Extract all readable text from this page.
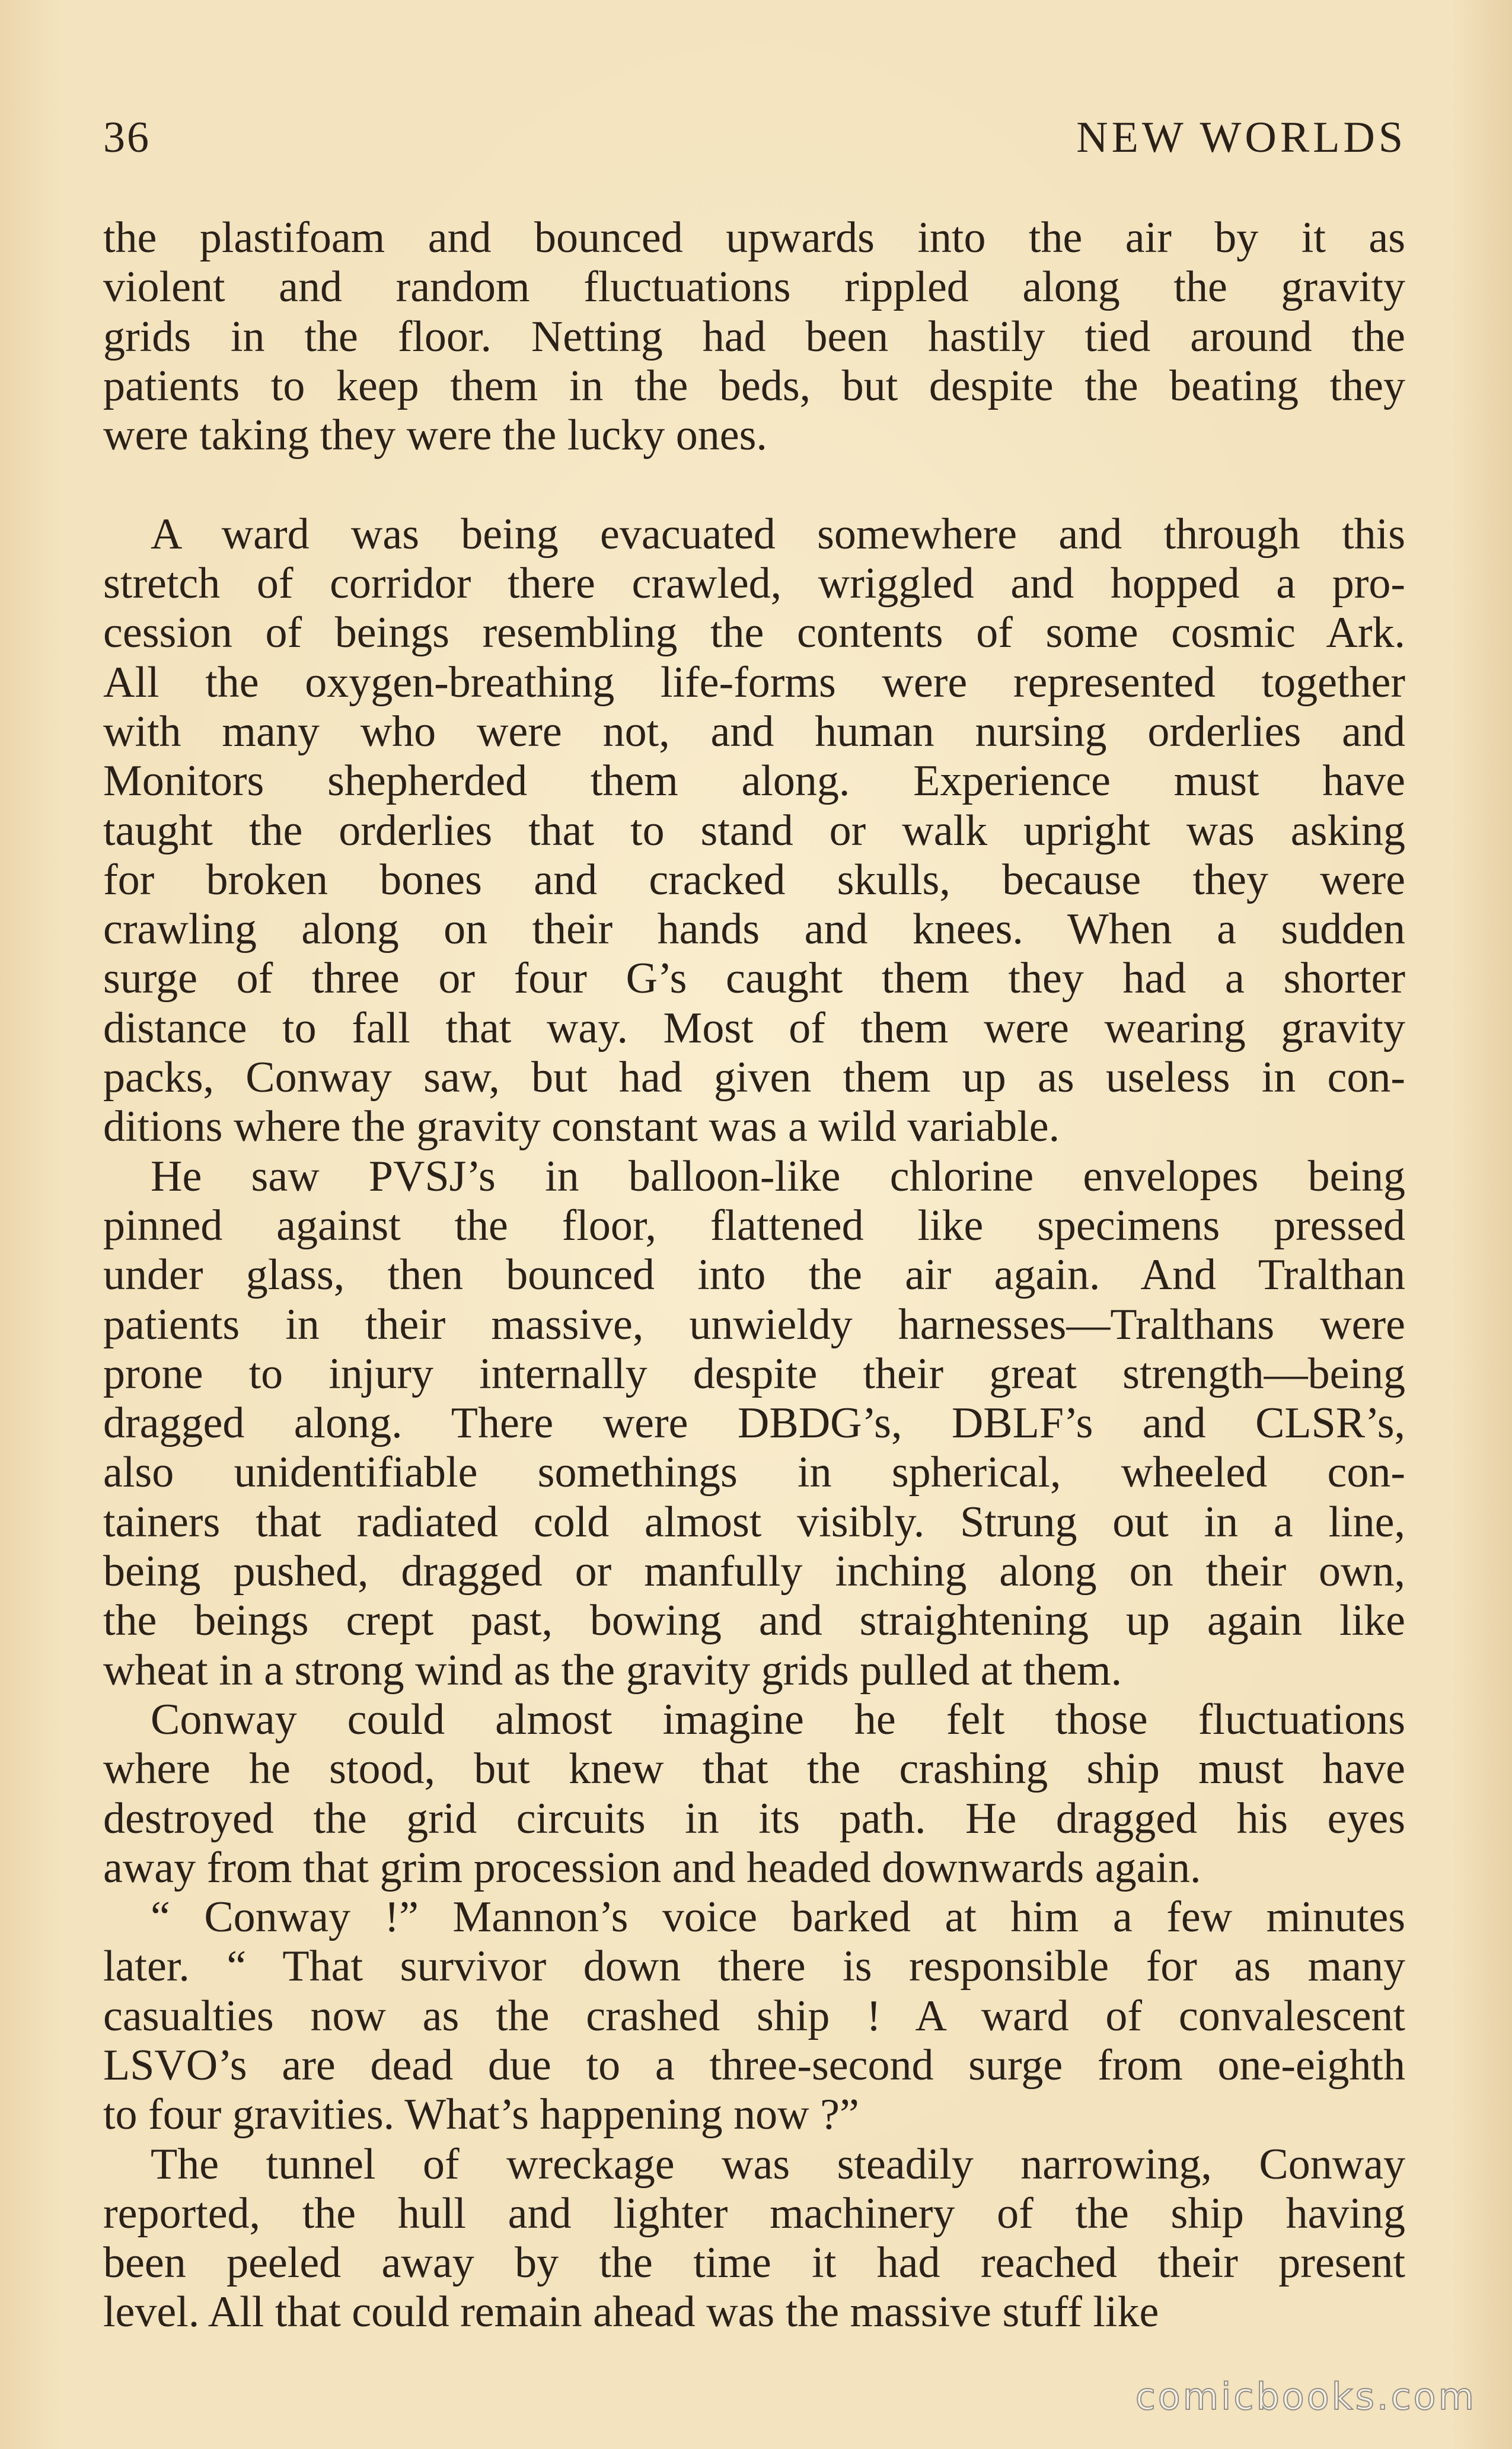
36	NEW WORLDS
the plastifoam and bounced upwards into the air by it as
violent and random fluctuations rippled along the gravity
grids in the floor. Netting had been hastily tied around the
patients to keep them in the beds, but despite the beating they
were taking they were the lucky ones.
A ward was being evacuated somewhere and through this
stretch of corridor there crawled, wriggled and hopped a pro-
cession of beings resembling the contents of some cosmic Ark.
All the oxygen-breathing life-forms were represented together
with many who were not, and human nursing orderlies and
Monitors shepherded them along. Experience must have
taught the orderlies that to stand or walk upright was asking
for broken bones and cracked skulls, because they were
crawling along on their hands and knees. When a sudden
surge of three or four G’s caught them they had a shorter
distance to fall that way. Most of them were wearing gravity
packs, Conway saw, but had given them up as useless in con-
ditions where the gravity constant was a wild variable.
He saw PVSJ’s in balloon-like chlorine envelopes being
pinned against the floor, flattened like specimens pressed
under glass, then bounced into the air again. And Tralthan
patients in their massive, unwieldy harnesses—Tralthans were
prone to injury internally despite their great strength—being
dragged along. There were DBDG’s, DBLF’s and CLSR’s,
also unidentifiable somethings in spherical, wheeled con-
tainers that radiated cold almost visibly. Strung out in a line,
being pushed, dragged or manfully inching along on their own,
the beings crept past, bowing and straightening up again like
wheat in a strong wind as the gravity grids pulled at them.
Conway could almost imagine he felt those fluctuations
where he stood, but knew that the crashing ship must have
destroyed the grid circuits in its path. He dragged his eyes
away from that grim procession and headed downwards again.
“ Conway !” Mannon’s voice barked at him a few minutes
later. “ That survivor down there is responsible for as many
casualties now as the crashed ship ! A ward of convalescent
LSVO’s are dead due to a three-second surge from one-eighth
to four gravities. What’s happening now ?”
The tunnel of wreckage was steadily narrowing, Conway
reported, the hull and lighter machinery of the ship having
been peeled away by the time it had reached their present
level. All that could remain ahead was the massive stuff like
comicbooks.com
